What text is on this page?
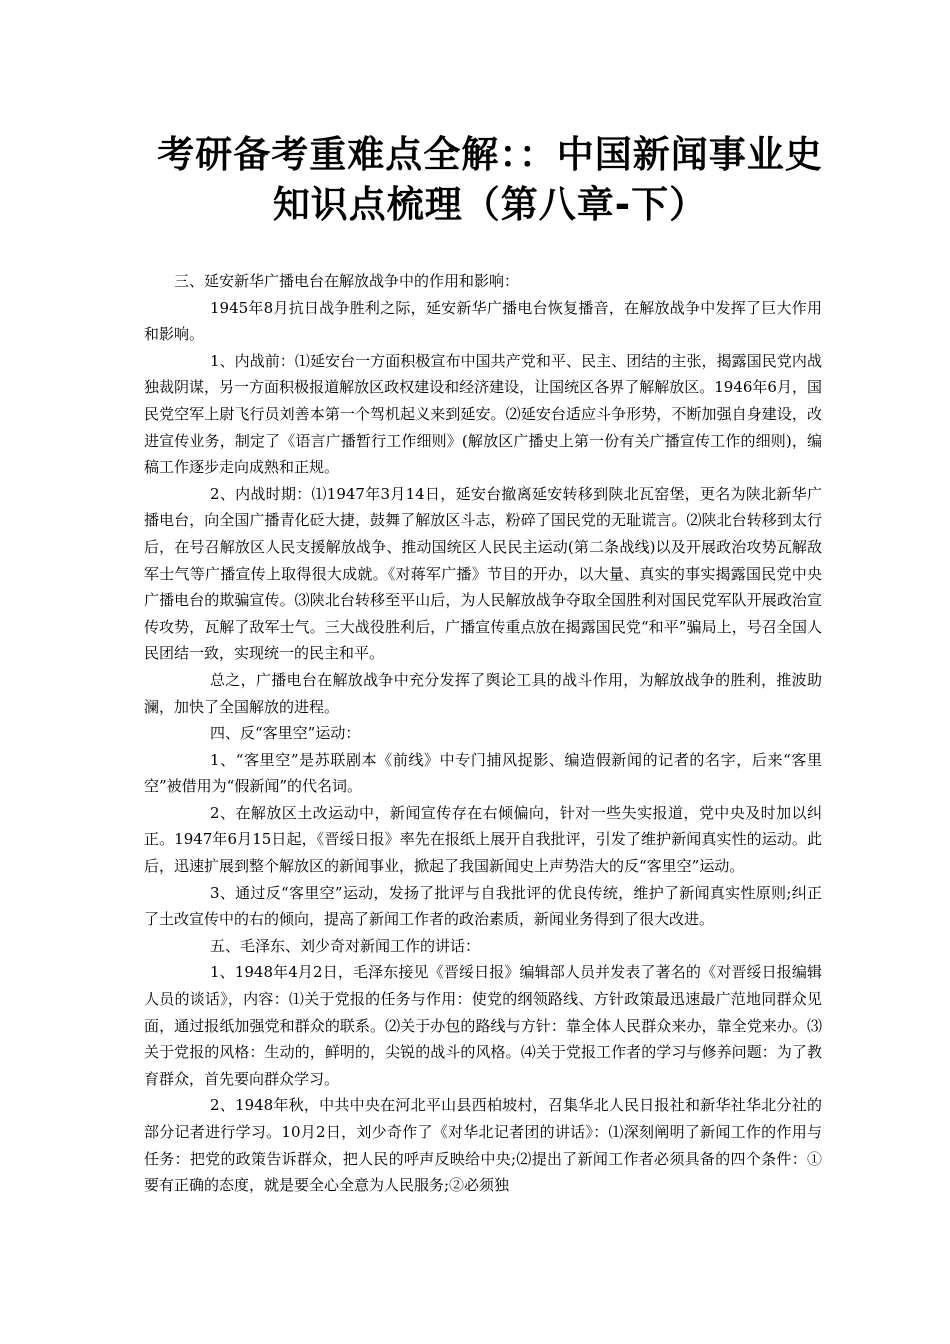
考研备考重难点全解：：中国新闻事业史知识点梳理（第八章-下）

三、延安新华广播电台在解放战争中的作用和影响：

1945年8月抗日战争胜利之际，延安新华广播电台恢复播音，在解放战争中发挥了巨大作用和影响。

1、内战前：⑴延安台一方面积极宣布中国共产党和平、民主、团结的主张，揭露国民党内战独裁阴谋，另一方面积极报道解放区政权建设和经济建设，让国统区各界了解解放区。1946年6月，国民党空军上尉飞行员刘善本第一个驾机起义来到延安。⑵延安台适应斗争形势，不断加强自身建设，改进宣传业务，制定了《语言广播暂行工作细则》(解放区广播史上第一份有关广播宣传工作的细则)，编稿工作逐步走向成熟和正规。

2、内战时期：⑴1947年3月14日，延安台撤离延安转移到陕北瓦窑堡，更名为陕北新华广播电台，向全国广播青化砭大捷，鼓舞了解放区斗志，粉碎了国民党的无耻谎言。⑵陕北台转移到太行后，在号召解放区人民支援解放战争、推动国统区人民民主运动(第二条战线)以及开展政治攻势瓦解敌军士气等广播宣传上取得很大成就。《对蒋军广播》节目的开办，以大量、真实的事实揭露国民党中央广播电台的欺骗宣传。⑶陕北台转移至平山后，为人民解放战争夺取全国胜利对国民党军队开展政治宣传攻势，瓦解了敌军士气。三大战役胜利后，广播宣传重点放在揭露国民党“和平”骗局上，号召全国人民团结一致，实现统一的民主和平。

总之，广播电台在解放战争中充分发挥了舆论工具的战斗作用，为解放战争的胜利，推波助澜，加快了全国解放的进程。

四、反“客里空”运动：

1、“客里空”是苏联剧本《前线》中专门捕风捉影、编造假新闻的记者的名字，后来“客里空”被借用为“假新闻”的代名词。

2、在解放区土改运动中，新闻宣传存在右倾偏向，针对一些失实报道，党中央及时加以纠正。1947年6月15日起，《晋绥日报》率先在报纸上展开自我批评，引发了维护新闻真实性的运动。此后，迅速扩展到整个解放区的新闻事业，掀起了我国新闻史上声势浩大的反“客里空”运动。

3、通过反“客里空”运动，发扬了批评与自我批评的优良传统，维护了新闻真实性原则;纠正了土改宣传中的右的倾向，提高了新闻工作者的政治素质，新闻业务得到了很大改进。

五、毛泽东、刘少奇对新闻工作的讲话：

1、1948年4月2日，毛泽东接见《晋绥日报》编辑部人员并发表了著名的《对晋绥日报编辑人员的谈话》，内容：⑴关于党报的任务与作用：使党的纲领路线、方针政策最迅速最广范地同群众见面，通过报纸加强党和群众的联系。⑵关于办包的路线与方针：靠全体人民群众来办，靠全党来办。⑶关于党报的风格：生动的，鲜明的，尖锐的战斗的风格。⑷关于党报工作者的学习与修养问题：为了教育群众，首先要向群众学习。

2、1948年秋，中共中央在河北平山县西柏坡村，召集华北人民日报社和新华社华北分社的部分记者进行学习。10月2日，刘少奇作了《对华北记者团的讲话》：⑴深刻阐明了新闻工作的作用与任务：把党的政策告诉群众，把人民的呼声反映给中央;⑵提出了新闻工作者必须具备的四个条件：①要有正确的态度，就是要全心全意为人民服务;②必须独
